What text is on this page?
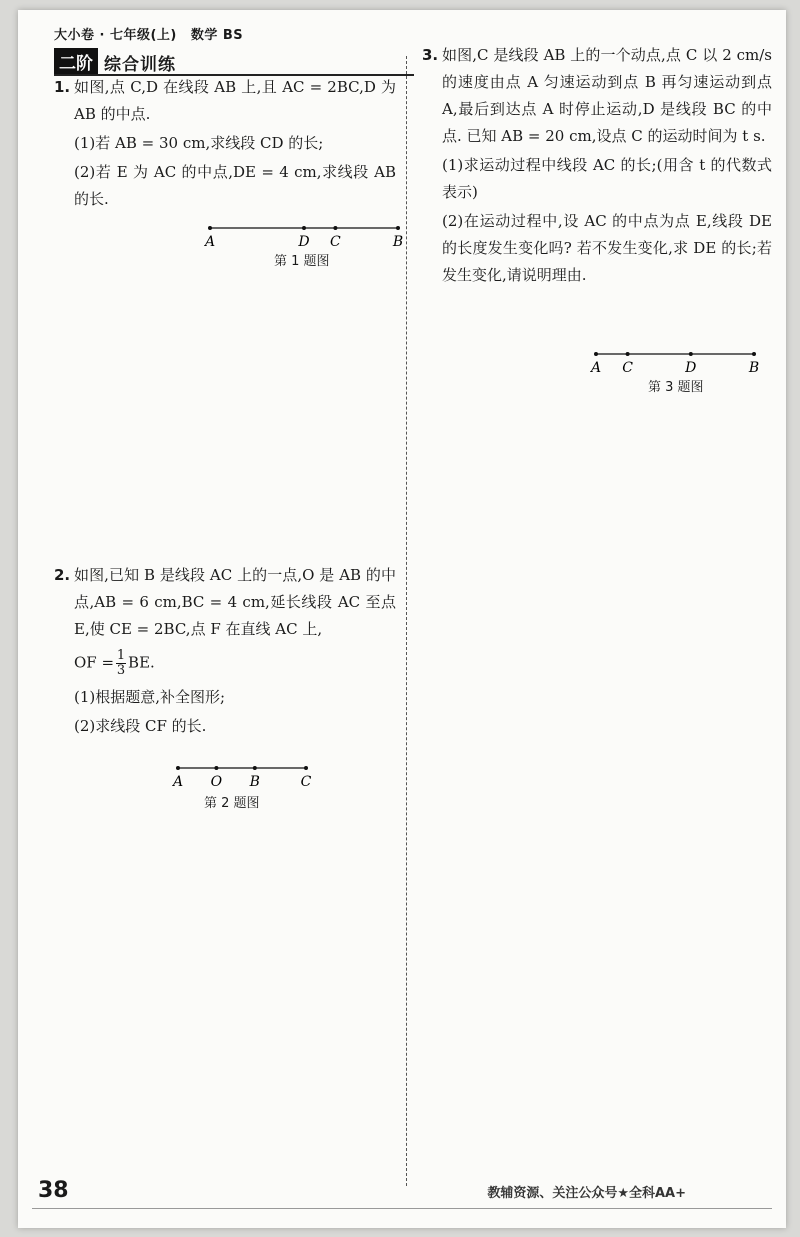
大小卷 · 七年级(上) 数学 BS
二阶 综合训练
1. 如图,点 C,D 在线段 AB 上,且 AC = 2BC,D 为 AB 的中点.

(1)若 AB = 30 cm,求线段 CD 的长;

(2)若 E 为 AC 的中点,DE = 4 cm,求线段 AB 的长.

A	D C	B
第 1 题图
2. 如图,已知 B 是线段 AC 上的一点,O 是 AB 的中点,AB = 6 cm,BC = 4 cm,延长线段 AC 至点 E,使 CE = 2BC,点 F 在直线 AC 上,

OF = $\frac{1}{3}$ BE.

(1)根据题意,补全图形;

(2)求线段 CF 的长.

A O B	C
第 2 题图
3. 如图,C 是线段 AB 上的一个动点,点 C 以 2 cm/s 的速度由点 A 匀速运动到点 B 再匀速运动到点 A,最后到达点 A 时停止运动,D 是线段 BC 的中点. 已知 AB = 20 cm,设点 C 的运动时间为 t s.

(1)求运动过程中线段 AC 的长;(用含 t 的代数式表示)

(2)在运动过程中,设 AC 的中点为点 E,线段 DE 的长度发生变化吗? 若不发生变化,求 DE 的长;若发生变化,请说明理由.

A C	D	B
第 3 题图
38	教辅资源、关注公众号★全科AA+
